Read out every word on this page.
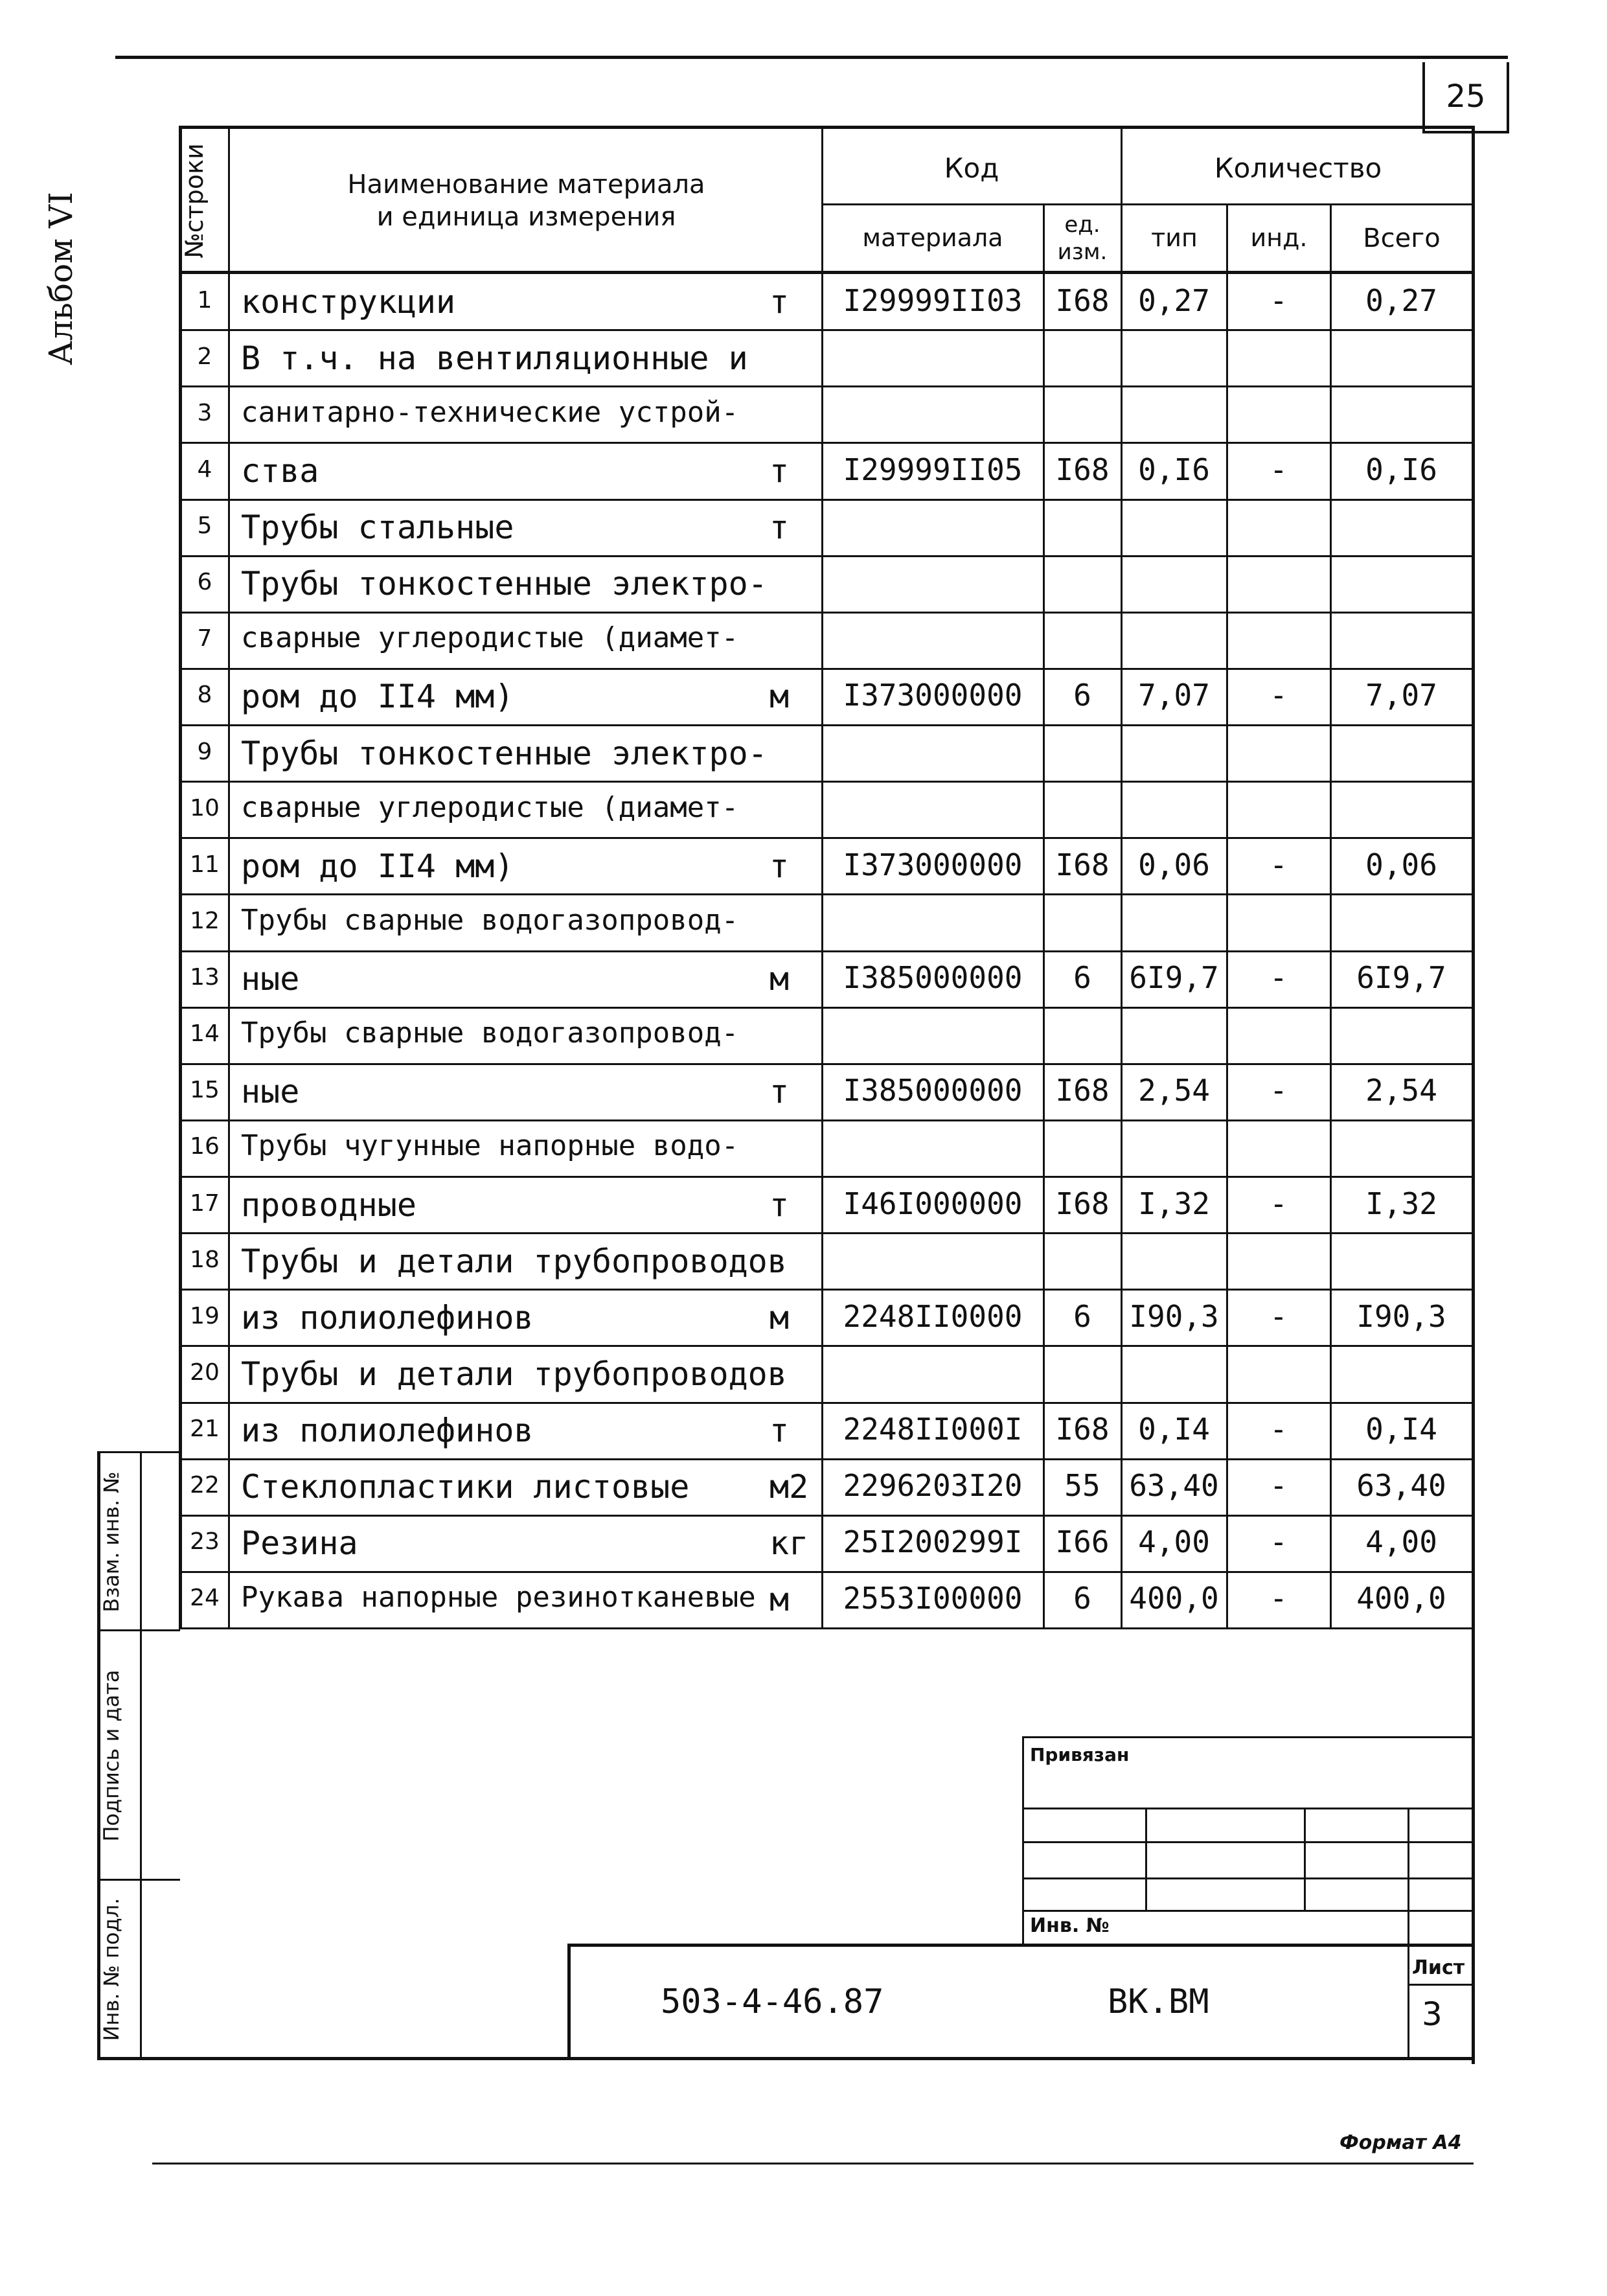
25
Альбом VI	№строки	Наименование материала
и единица измерения
Код	Количество
материала	ед. изм.	тип	инд.	Всего
1 конструкции	т	I29999II03	I68 0,27	-	0,27
2 В т.ч. на вентиляционные и
3	санитарно-технические устрой-
4 ства	т	I29999II05	I68 0,I6	-	0,I6
5 Трубы стальные	т
6 Трубы тонкостенные электро-
7	сварные углеродистые (диамет-
8 ром до II4 мм)	м	I373000000	6	7,07	-	7,07
9 Трубы тонкостенные электро-
10 сварные углеродистые (диамет-
11 ром до II4 мм)	т	I373000000	I68 0,06	-	0,06
12 Трубы сварные водогазопровод-
13 ные	м	I385000000	6	6I9,7	-	6I9,7
14 Трубы сварные водогазопровод-
15 ные	т	I385000000	I68 2,54	-	2,54
16 Трубы чугунные напорные водо-
17 проводные	т	I46I000000	I68 I,32	-	I,32
18 Трубы и детали трубопроводов
19 из полиолефинов	м	2248II0000	6	I90,3	-	I90,3
20 Трубы и детали трубопроводов
21 из полиолефинов	т	2248II000I	I68 0,I4	-	0,I4
22 Стеклопластики листовые м2	2296203I20	55 63,40	-	63,40
23 Резина	кг	25I200299I	I66 4,00	-	4,00
24 Рукава напорные резинотканевые м	2553I00000	6	400,0	-	400,0
Взам. инв. №
Подпись и дата
Инв. № подл.
Привязан
Инв. №
503-4-46.87	ВК.ВМ
Лист
3
Формат А4
